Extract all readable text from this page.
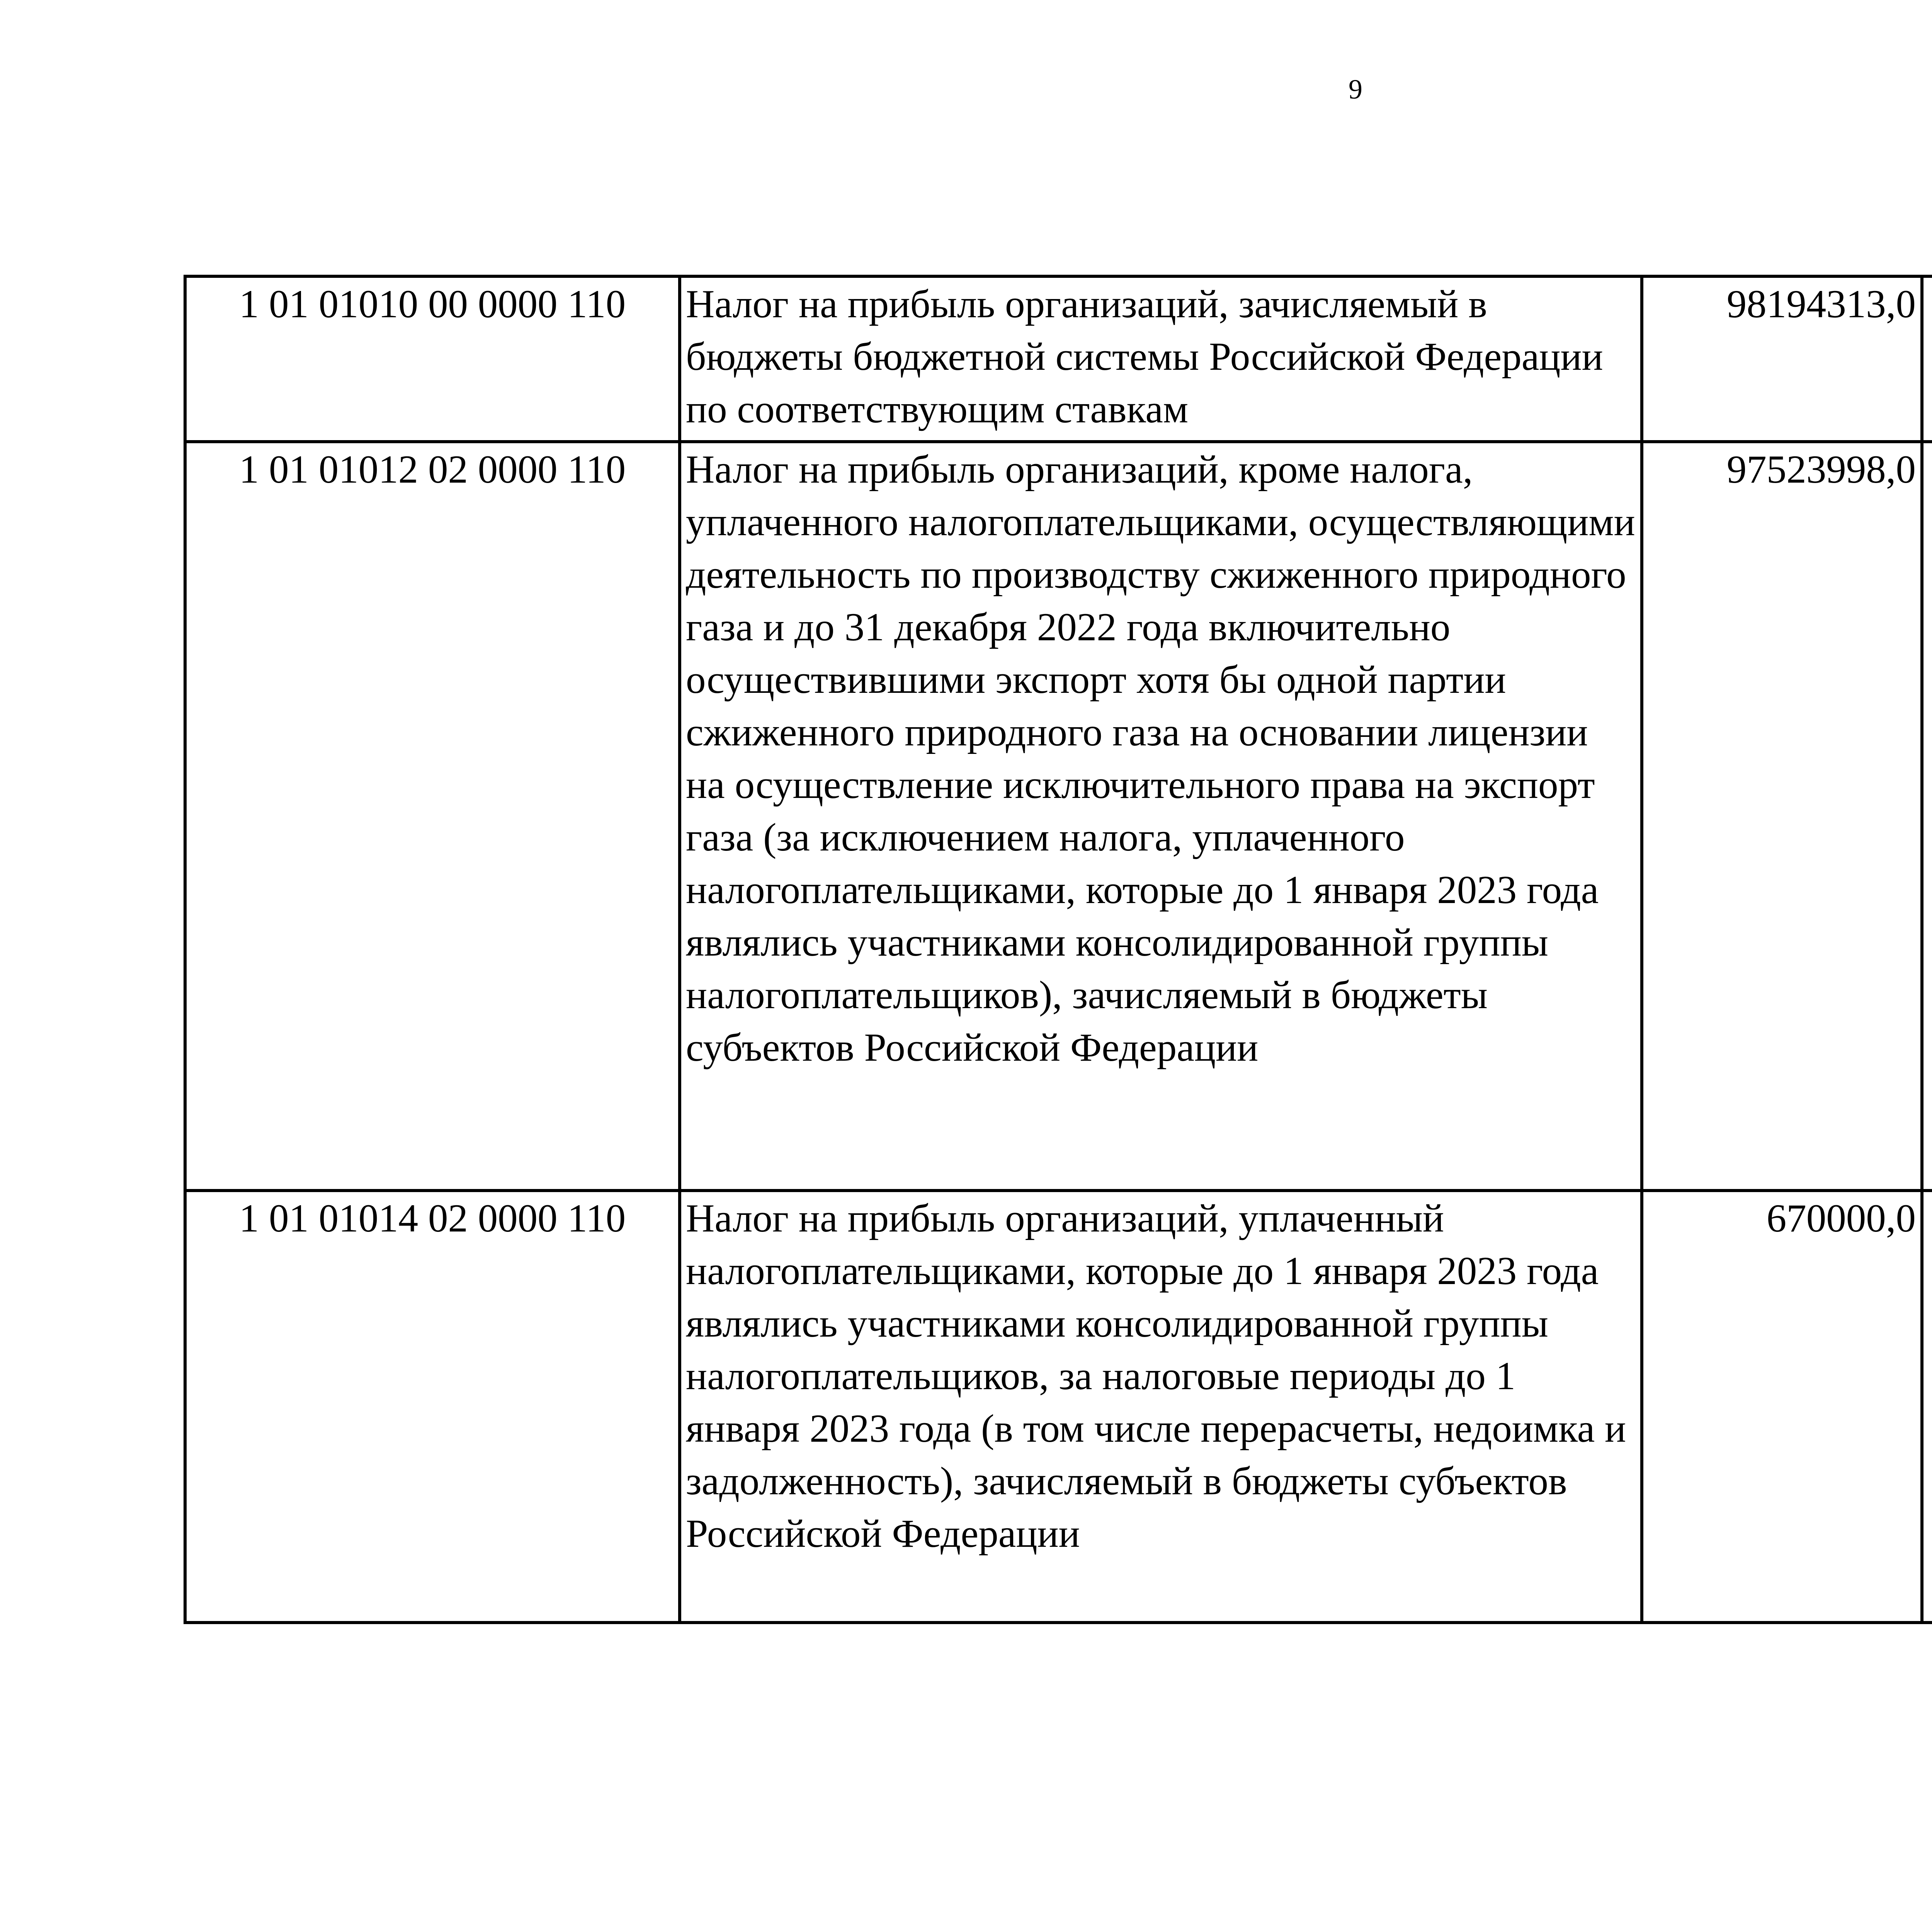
9
1 01 01010 00 0000 110	Налог на прибыль организаций, зачисляемый в бюджеты бюджетной системы Российской Федерации по соответствующим ставкам	98194313,0		
1 01 01012 02 0000 110	Налог на прибыль организаций, кроме налога, уплаченного налогоплательщиками, осуществляющими деятельность по производству сжиженного природного газа и до 31 декабря 2022 года включительно осуществившими экспорт хотя бы одной партии сжиженного природного газа на основании лицензии на осуществление исключительного права на экспорт газа (за исключением налога, уплаченного налогоплательщиками, которые до 1 января 2023 года являлись участниками консолидированной группы налогоплательщиков), зачисляемый в бюджеты субъектов Российской Федерации	97523998,0		
1 01 01014 02 0000 110	Налог на прибыль организаций, уплаченный налогоплательщиками, которые до 1 января 2023 года являлись участниками консолидированной группы налогоплательщиков, за налоговые периоды до 1 января 2023 года (в том числе перерасчеты, недоимка и задолженность), зачисляемый в бюджеты субъектов Российской Федерации	670000,0		
